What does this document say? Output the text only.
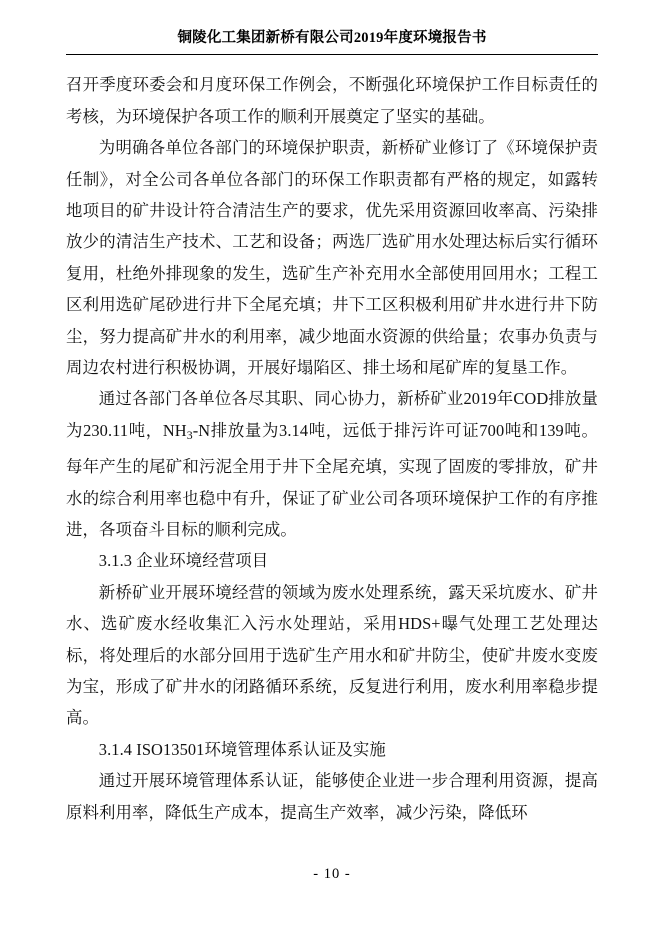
铜陵化工集团新桥有限公司2019年度环境报告书

召开季度环委会和月度环保工作例会，不断强化环境保护工作目标责任的考核，为环境保护各项工作的顺利开展奠定了坚实的基础。

为明确各单位各部门的环境保护职责，新桥矿业修订了《环境保护责任制》，对全公司各单位各部门的环保工作职责都有严格的规定，如露转地项目的矿井设计符合清洁生产的要求，优先采用资源回收率高、污染排放少的清洁生产技术、工艺和设备；两选厂选矿用水处理达标后实行循环复用，杜绝外排现象的发生，选矿生产补充用水全部使用回用水；工程工区利用选矿尾砂进行井下全尾充填；井下工区积极利用矿井水进行井下防尘，努力提高矿井水的利用率，减少地面水资源的供给量；农事办负责与周边农村进行积极协调，开展好塌陷区、排土场和尾矿库的复垦工作。

通过各部门各单位各尽其职、同心协力，新桥矿业2019年COD排放量为230.11吨，$NH_3-N$排放量为3.14吨，远低于排污许可证700吨和139吨。每年产生的尾矿和污泥全用于井下全尾充填，实现了固废的零排放，矿井水的综合利用率也稳中有升，保证了矿业公司各项环境保护工作的有序推进，各项奋斗目标的顺利完成。

3.1.3 企业环境经营项目

新桥矿业开展环境经营的领域为废水处理系统，露天采坑废水、矿井水、选矿废水经收集汇入污水处理站，采用HDS+曝气处理工艺处理达标，将处理后的水部分回用于选矿生产用水和矿井防尘，使矿井废水变废为宝，形成了矿井水的闭路循环系统，反复进行利用，废水利用率稳步提高。

3.1.4 ISO13501环境管理体系认证及实施

通过开展环境管理体系认证，能够使企业进一步合理利用资源，提高原料利用率，降低生产成本，提高生产效率，减少污染，降低环

- 10 -
